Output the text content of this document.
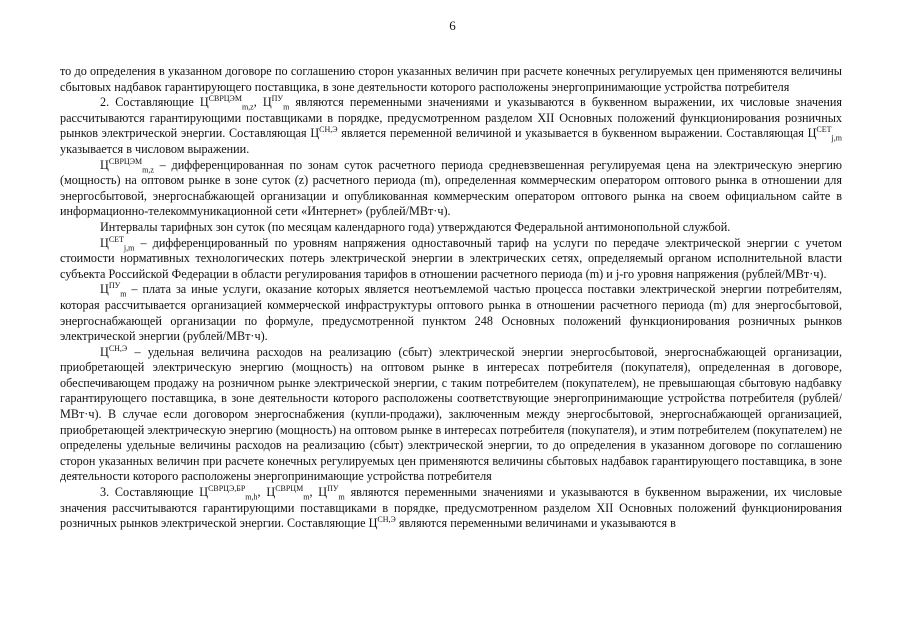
6

то до определения в указанном договоре по соглашению сторон указанных величин при расчете конечных регулируемых цен применяются величины сбытовых надбавок гарантирующего поставщика, в зоне деятельности которого расположены энергопринимающие устройства потребителя

2. Составляющие $Ц^{СВРЦЭМ}_{m,z}$, $Ц^{ПУ}_m$ являются переменными значениями и указываются в буквенном выражении, их числовые значения рассчитываются гарантирующими поставщиками в порядке, предусмотренном разделом XII Основных положений функционирования розничных рынков электрической энергии. Составляющая $Ц^{СН,Э}$ является переменной величиной и указывается в буквенном выражении. Составляющая $Ц^{СЕТ}_{j,m}$ указывается в числовом выражении.

$Ц^{СВРЦЭМ}_{m,z}$ – дифференцированная по зонам суток расчетного периода средневзвешенная регулируемая цена на электрическую энергию (мощность) на оптовом рынке в зоне суток (z) расчетного периода (m), определенная коммерческим оператором оптового рынка в отношении для энергосбытовой, энергоснабжающей организации и опубликованная коммерческим оператором оптового рынка на своем официальном сайте в информационно-телекоммуникационной сети «Интернет» (рублей/МВт·ч).

Интервалы тарифных зон суток (по месяцам календарного года) утверждаются Федеральной антимонопольной службой.

$Ц^{СЕТ}_{j,m}$ – дифференцированный по уровням напряжения одноставочный тариф на услуги по передаче электрической энергии с учетом стоимости нормативных технологических потерь электрической энергии в электрических сетях, определяемый органом исполнительной власти субъекта Российской Федерации в области регулирования тарифов в отношении расчетного периода (m) и j-го уровня напряжения (рублей/МВт·ч).

$Ц^{ПУ}_m$ – плата за иные услуги, оказание которых является неотъемлемой частью процесса поставки электрической энергии потребителям, которая рассчитывается организацией коммерческой инфраструктуры оптового рынка в отношении расчетного периода (m) для энергосбытовой, энергоснабжающей организации по формуле, предусмотренной пунктом 248 Основных положений функционирования розничных рынков электрической энергии (рублей/МВт·ч).

$Ц^{СН,Э}$ – удельная величина расходов на реализацию (сбыт) электрической энергии энергосбытовой, энергоснабжающей организации, приобретающей электрическую энергию (мощность) на оптовом рынке в интересах потребителя (покупателя), определенная в договоре, обеспечивающем продажу на розничном рынке электрической энергии, с таким потребителем (покупателем), не превышающая сбытовую надбавку гарантирующего поставщика, в зоне деятельности которого расположены соответствующие энергопринимающие устройства потребителя (рублей/МВт·ч). В случае если договором энергоснабжения (купли-продажи), заключенным между энергосбытовой, энергоснабжающей организацией, приобретающей электрическую энергию (мощность) на оптовом рынке в интересах потребителя (покупателя), и этим потребителем (покупателем) не определены удельные величины расходов на реализацию (сбыт) электрической энергии, то до определения в указанном договоре по соглашению сторон указанных величин при расчете конечных регулируемых цен применяются величины сбытовых надбавок гарантирующего поставщика, в зоне деятельности которого расположены энергопринимающие устройства потребителя

3. Составляющие $Ц^{СВРЦЭ,БР}_{m,h}$, $Ц^{СВРЦМ}_m$, $Ц^{ПУ}_m$ являются переменными значениями и указываются в буквенном выражении, их числовые значения рассчитываются гарантирующими поставщиками в порядке, предусмотренном разделом XII Основных положений функционирования розничных рынков электрической энергии. Составляющие $Ц^{СН,Э}$ являются переменными величинами и указываются в
